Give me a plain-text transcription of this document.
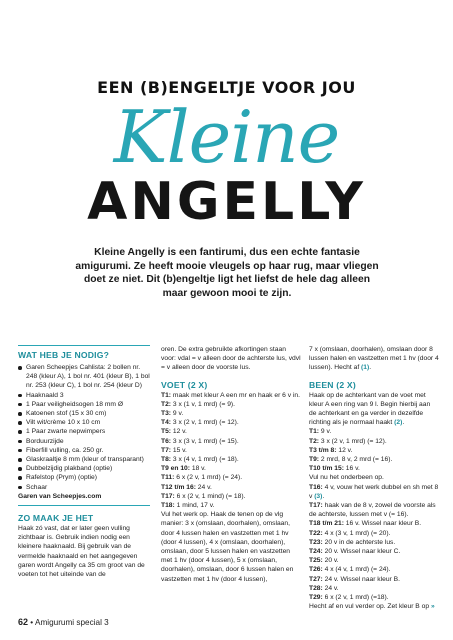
EEN (B)ENGELTJE VOOR JOU
Kleine
ANGELLY
Kleine Angelly is een fantirumi, dus een echte fantasie amigurumi. Ze heeft mooie vleugels op haar rug, maar vliegen doet ze niet. Dit (b)engeltje ligt het liefst de hele dag alleen maar gewoon mooi te zijn.
WAT HEB JE NODIG?
Garen Scheepjes Cahlista: 2 bollen nr. 248 (kleur A), 1 bol nr. 401 (kleur B), 1 bol nr. 253 (kleur C), 1 bol nr. 254 (kleur D)
Haaknaald 3
1 Paar veiligheidsogen 18 mm Ø
Katoenen stof (15 x 30 cm)
Vilt wit/crème 10 x 10 cm
1 Paar zwarte nepwimpers
Borduurzijde
Fiberfill vulling, ca. 250 gr.
Glaskraaltje 8 mm (kleur of transparant)
Dubbelzijdig plakband (optie)
Rafelstop (Prym) (optie)
Schaar
Garen van Scheepjes.com
ZO MAAK JE HET

Haak zó vast, dat er later geen vulling zichtbaar is. Gebruik indien nodig een kleinere haaknaald. Bij gebruik van de vermelde haaknaald en het aangegeven garen wordt Angelly ca 35 cm groot van de voeten tot het uiteinde van de

oren. De extra gebruikte afkortingen staan voor: vdal = v alleen door de achterste lus, vdvl = v alleen door de voorste lus.

VOET (2 X)

T1: maak met kleur A een mr en haak er 6 v in.

T2: 3 x (1 v, 1 mrd) (= 9).

T3: 9 v.

T4: 3 x (2 v, 1 mrd) (= 12).

T5: 12 v.

T6: 3 x (3 v, 1 mrd) (= 15).

T7: 15 v.

T8: 3 x (4 v, 1 mrd) (= 18).

T9 en 10: 18 v.

T11: 6 x (2 v, 1 mrd) (= 24).

T12 t/m 16: 24 v.

T17: 6 x (2 v, 1 mind) (= 18).

T18: 1 mind, 17 v.

Vul het werk op. Haak de tenen op de vlg manier: 3 x (omslaan, doorhalen), omslaan, door 4 lussen halen en vastzetten met 1 hv (door 4 lussen), 4 x (omslaan, doorhalen), omslaan, door 5 lussen halen en vastzetten met 1 hv (door 4 lussen), 5 x (omslaan, doorhalen), omslaan, door 6 lussen halen en vastzetten met 1 hv (door 4 lussen),

7 x (omslaan, doorhalen), omslaan door 8 lussen halen en vastzetten met 1 hv (door 4 lussen). Hecht af (1).

BEEN (2 X)

Haak op de achterkant van de voet met kleur A een ring van 9 l. Begin hierbij aan de achterkant en ga verder in dezelfde richting als je normaal haakt (2).

T1: 9 v.

T2: 3 x (2 v, 1 mrd) (= 12).

T3 t/m 8: 12 v.

T9: 2 mrd, 8 v, 2 mrd (= 16).

T10 t/m 15: 16 v.

Vul nu het onderbeen op.

T16: 4 v, vouw het werk dubbel en sh met 8 v (3).

T17: haak van de 8 v, zowel de voorste als de achterste, lussen met v (= 16).

T18 t/m 21: 16 v. Wissel naar kleur B.

T22: 4 x (3 v, 1 mrd) (= 20).

T23: 20 v in de achterste lus.

T24: 20 v. Wissel naar kleur C.

T25: 20 v.

T26: 4 x (4 v, 1 mrd) (= 24).

T27: 24 v. Wissel naar kleur B.

T28: 24 v.

T29: 6 x (2 v, 1 mrd) (=18).

Hecht af en vul verder op. Zet kleur B op »

62 • Amigurumi special 3
